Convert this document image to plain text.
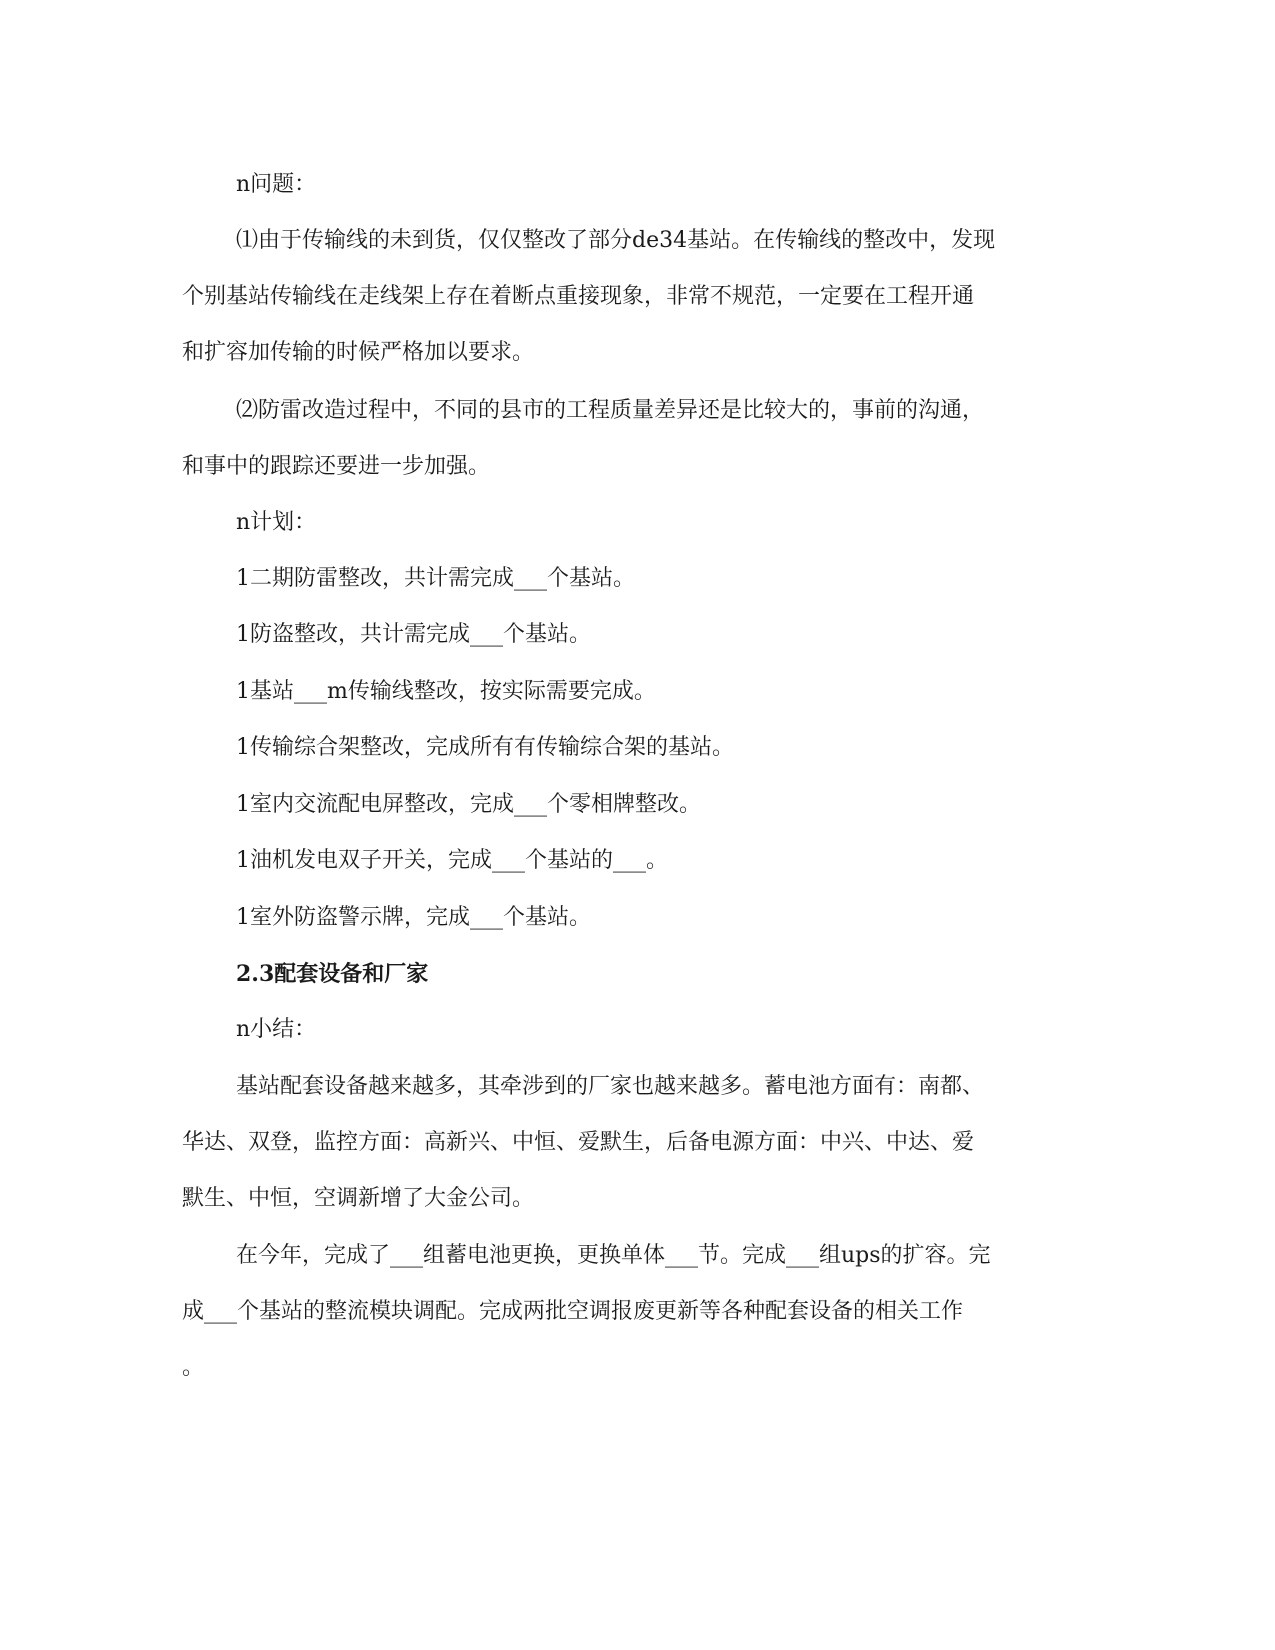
n问题：
⑴由于传输线的未到货，仅仅整改了部分de34基站。在传输线的整改中，发现
个别基站传输线在走线架上存在着断点重接现象，非常不规范，一定要在工程开通
和扩容加传输的时候严格加以要求。
⑵防雷改造过程中，不同的县市的工程质量差异还是比较大的，事前的沟通，
和事中的跟踪还要进一步加强。
n计划：
1二期防雷整改，共计需完成___个基站。
1防盗整改，共计需完成___个基站。
1基站___m传输线整改，按实际需要完成。
1传输综合架整改，完成所有有传输综合架的基站。
1室内交流配电屏整改，完成___个零相牌整改。
1油机发电双子开关，完成___个基站的___。
1室外防盗警示牌，完成___个基站。
2.3配套设备和厂家
n小结：
基站配套设备越来越多，其牵涉到的厂家也越来越多。蓄电池方面有：南都、
华达、双登，监控方面：高新兴、中恒、爱默生，后备电源方面：中兴、中达、爱
默生、中恒，空调新增了大金公司。
在今年，完成了___组蓄电池更换，更换单体___节。完成___组ups的扩容。完
成___个基站的整流模块调配。完成两批空调报废更新等各种配套设备的相关工作
。
